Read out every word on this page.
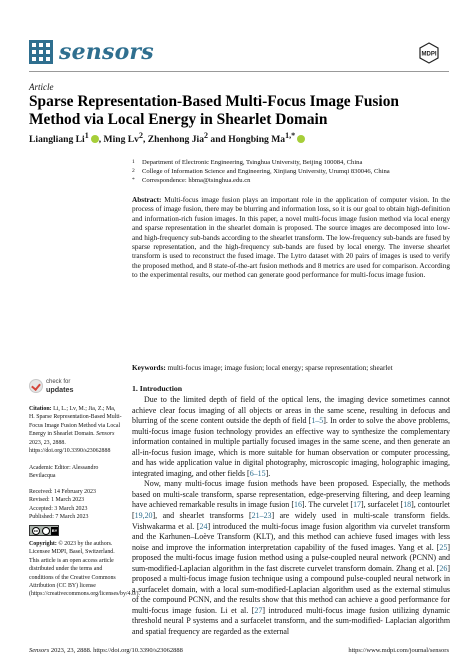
sensors	MDPI
Article
Sparse Representation-Based Multi-Focus Image Fusion Method via Local Energy in Shearlet Domain
Liangliang Li$^1$ , Ming Lv$^2$, Zhenhong Jia$^2$ and Hongbing $Ma^{1,*}$
1	Department of Electronic Engineering, Tsinghua University, Beijing 100084, China
2	College of Information Science and Engineering, Xinjiang University, Urumqi 830046, China
*	Correspondence: hbma@tsinghua.edu.cn
Abstract: Multi-focus image fusion plays an important role in the application of computer vision. In the process of image fusion, there may be blurring and information loss, so it is our goal to obtain high-definition and information-rich fusion images. In this paper, a novel multi-focus image fusion method via local energy and sparse representation in the shearlet domain is proposed. The source images are decomposed into low- and high-frequency sub-bands according to the shearlet transform. The low-frequency sub-bands are fused by sparse representation, and the high-frequency sub-bands are fused by local energy. The inverse shearlet transform is used to reconstruct the fused image. The Lytro dataset with 20 pairs of images is used to verify the proposed method, and 8 state-of-the-art fusion methods and 8 metrics are used for comparison. According to the experimental results, our method can generate good performance for multi-focus image fusion.
Keywords: multi-focus image; image fusion; local energy; sparse representation; shearlet
check for
updates
Citation: Li, L.; Lv, M.; Jia, Z.; Ma, H. Sparse Representation-Based Multi-Focus Image Fusion Method via Local Energy in Shearlet Domain. Sensors 2023, 23, 2888. https://doi.org/10.3390/s23062888
Academic Editor: Alessandro Bevilacqua
Received: 14 February 2023
Revised: 1 March 2023
Accepted: 3 March 2023
Published: 7 March 2023
cc	BY
Copyright: © 2023 by the authors. Licensee MDPI, Basel, Switzerland. This article is an open access article distributed under the terms and conditions of the Creative Commons Attribution (CC BY) license (https://creativecommons.org/licenses/by/4.0/).
1. Introduction

Due to the limited depth of field of the optical lens, the imaging device sometimes cannot achieve clear focus imaging of all objects or areas in the same scene, resulting in defocus and blurring of the scene content outside the depth of field [1–5]. In order to solve the above problems, multi-focus image fusion technology provides an effective way to synthesize the complementary information contained in multiple partially focused images in the same scene, and then generate an all-in-focus fusion image, which is more suitable for human observation or computer processing, and has wide application value in digital photography, microscopic imaging, holographic imaging, integrated imaging, and other fields [6–15].

Now, many multi-focus image fusion methods have been proposed. Especially, the methods based on multi-scale transform, sparse representation, edge-preserving filtering, and deep learning have achieved remarkable results in image fusion [16]. The curvelet [17], surfacelet [18], contourlet [19,20], and shearlet transforms [21–23] are widely used in multi-scale transform fields. Vishwakarma et al. [24] introduced the multi-focus image fusion algorithm via curvelet transform and the Karhunen–Loève Transform (KLT), and this method can achieve fused images with less noise and improve the information interpretation capability of the fused images. Yang et al. [25] proposed the multi-focus image fusion method using a pulse-coupled neural network (PCNN) and sum-modified-Laplacian algorithm in the fast discrete curvelet transform domain. Zhang et al. [26] proposed a multi-focus image fusion technique using a compound pulse-coupled neural network in a surfacelet domain, with a local sum-modified-Laplacian algorithm used as the external stimulus of the compound PCNN, and the results show that this method can achieve a good performance for multi-focus image fusion. Li et al. [27] introduced multi-focus image fusion utilizing dynamic threshold neural P systems and a surfacelet transform, and the sum-modified- Laplacian algorithm and spatial frequency are regarded as the external

Sensors 2023, 23, 2888. https://doi.org/10.3390/s23062888	https://www.mdpi.com/journal/sensors
